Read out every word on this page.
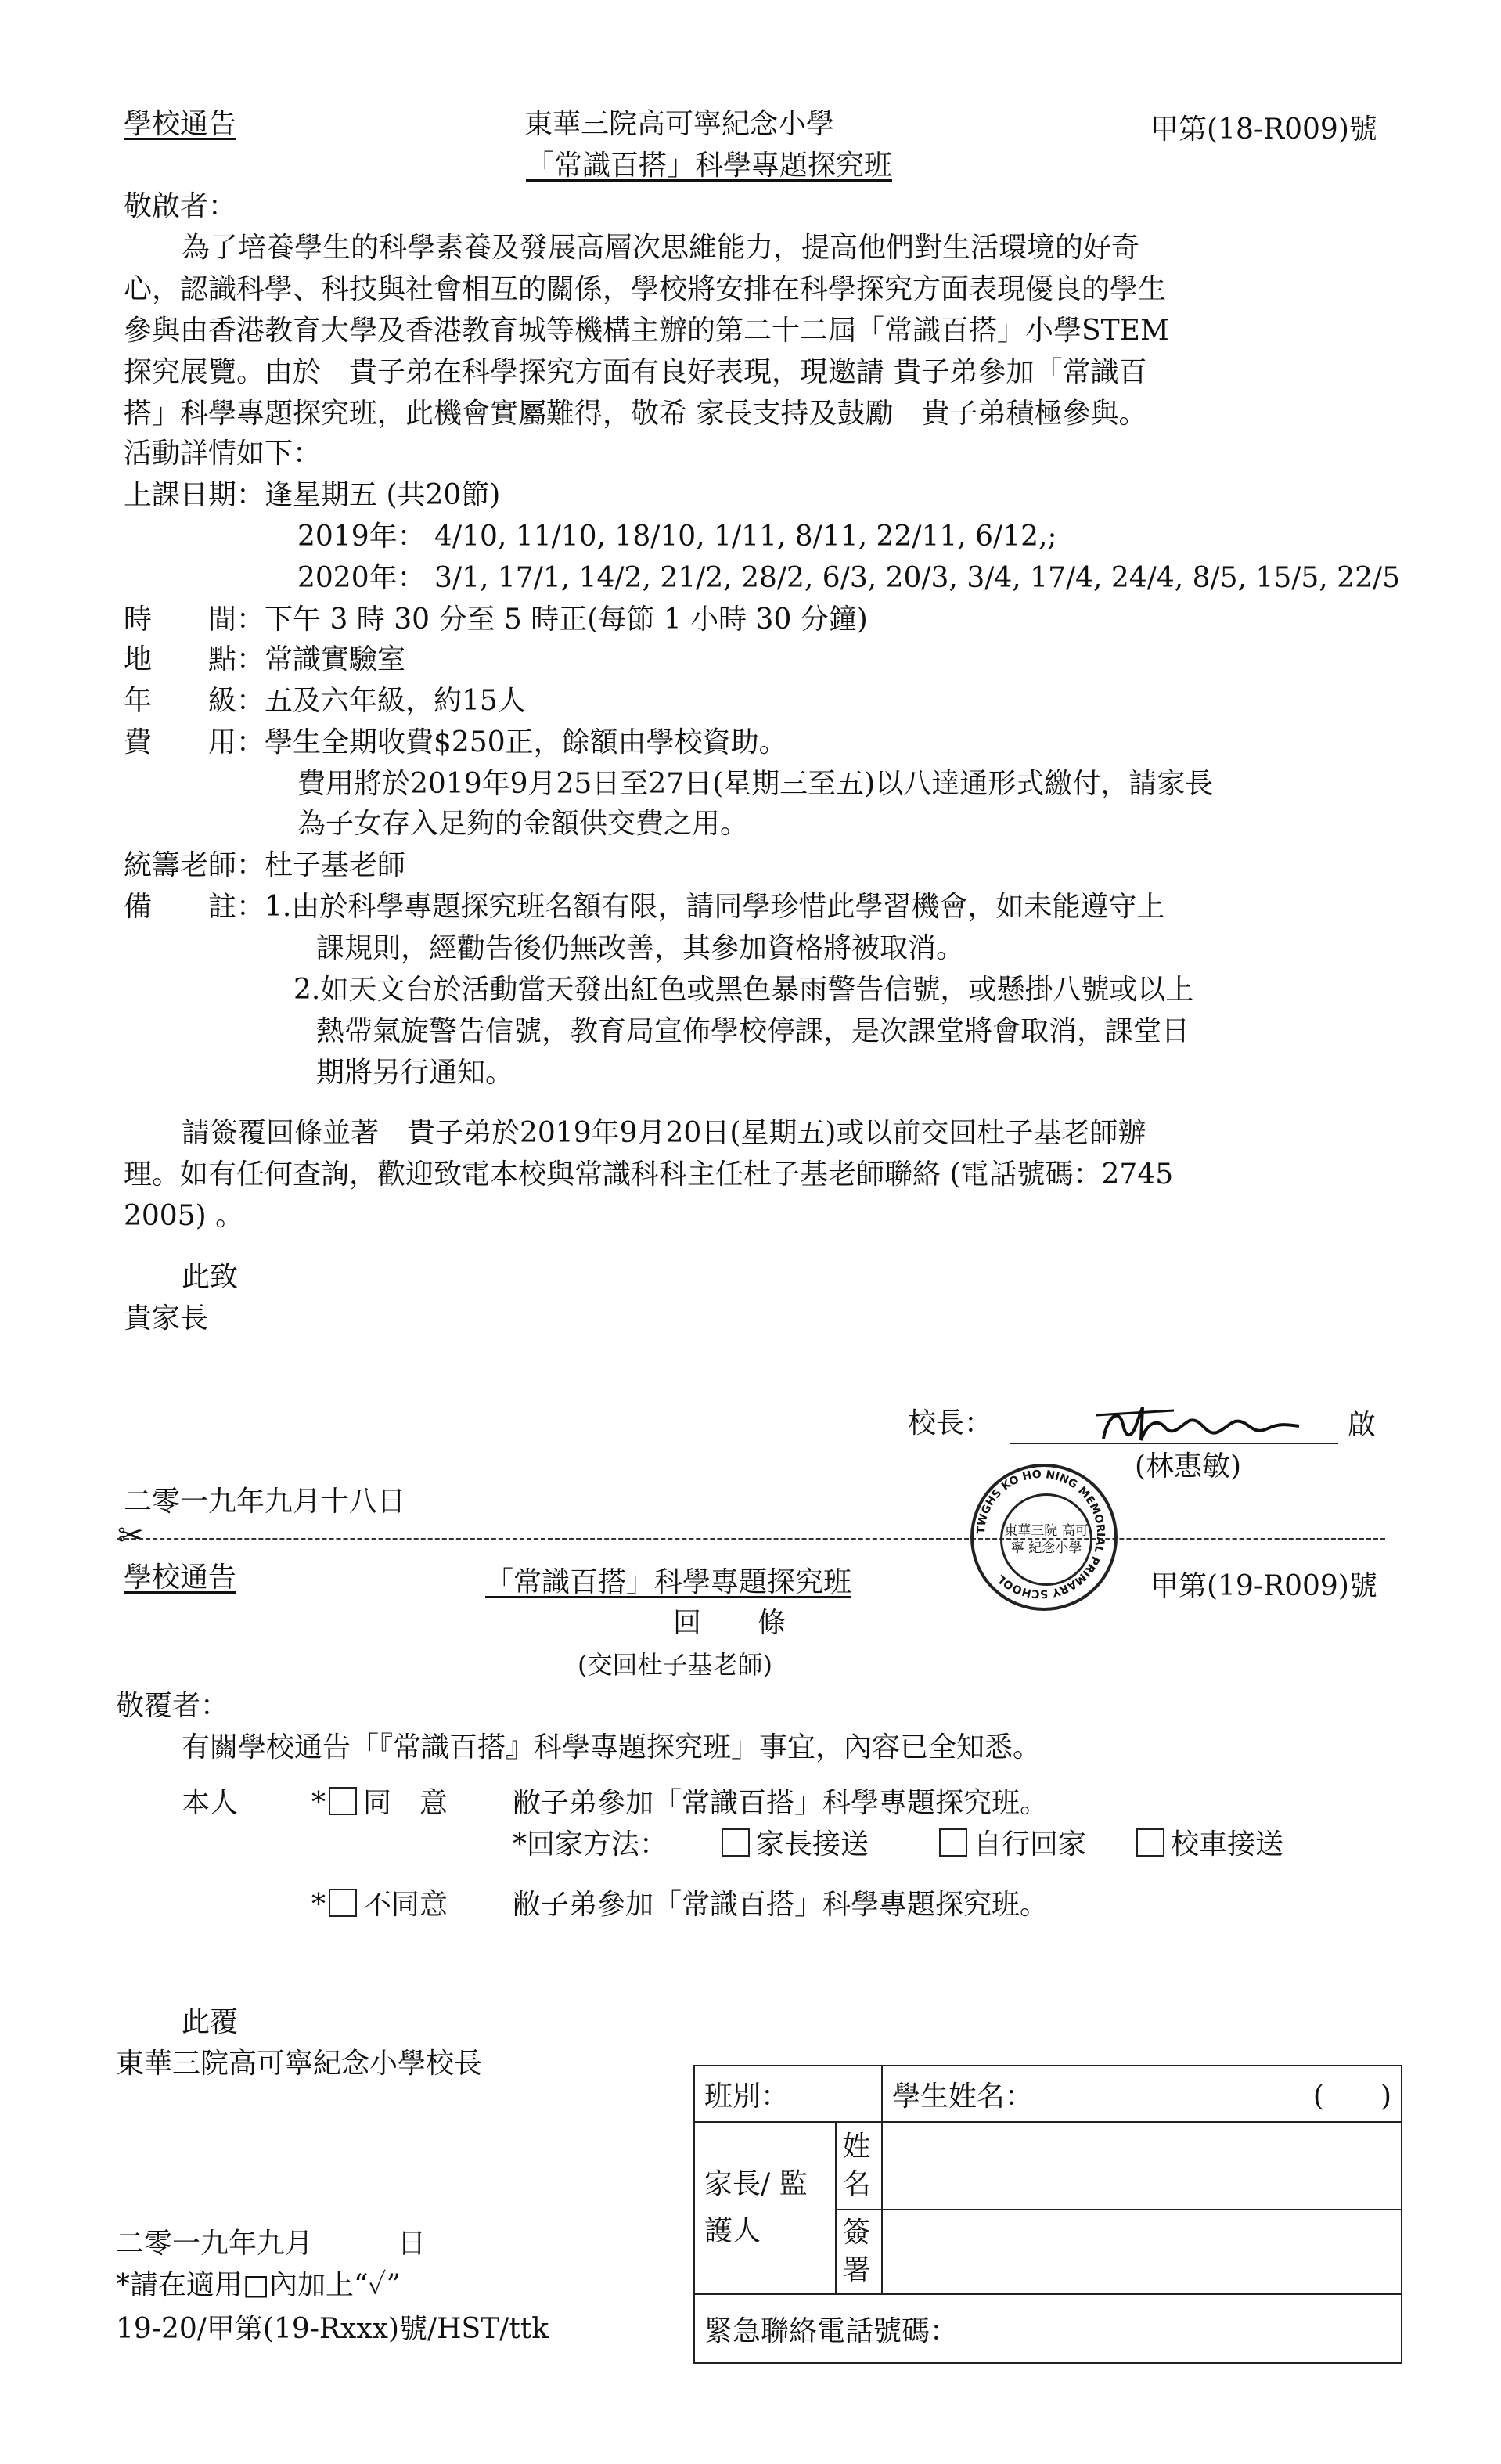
學校通告	東華三院高可寧紀念小學	甲第(18-R009)號
「常識百搭」科學專題探究班
敬啟者：
為了培養學生的科學素養及發展高層次思維能力，提高他們對生活環境的好奇
心，認識科學、科技與社會相互的關係，學校將安排在科學探究方面表現優良的學生
參與由香港教育大學及香港教育城等機構主辦的第二十二屆「常識百搭」小學STEM
探究展覽。由於　貴子弟在科學探究方面有良好表現，現邀請 貴子弟參加「常識百
搭」科學專題探究班，此機會實屬難得，敬希 家長支持及鼓勵　貴子弟積極參與。
活動詳情如下：
上課日期：逢星期五 (共20節)
2019年： 4/10, 11/10, 18/10, 1/11, 8/11, 22/11, 6/12,;
2020年： 3/1, 17/1, 14/2, 21/2, 28/2, 6/3, 20/3, 3/4, 17/4, 24/4, 8/5, 15/5, 22/5
時　　間：下午 3 時 30 分至 5 時正(每節 1 小時 30 分鐘)
地　　點：常識實驗室
年　　級：五及六年級，約15人
費　　用：學生全期收費$250正，餘額由學校資助。
費用將於2019年9月25日至27日(星期三至五)以八達通形式繳付，請家長
為子女存入足夠的金額供交費之用。
統籌老師：杜子基老師
備　　註：1.由於科學專題探究班名額有限，請同學珍惜此學習機會，如未能遵守上
課規則，經勸告後仍無改善，其參加資格將被取消。
2.如天文台於活動當天發出紅色或黑色暴雨警告信號，或懸掛八號或以上
熱帶氣旋警告信號，教育局宣佈學校停課，是次課堂將會取消，課堂日
期將另行通知。
請簽覆回條並著　貴子弟於2019年9月20日(星期五)或以前交回杜子基老師辦
理。如有任何查詢，歡迎致電本校與常識科科主任杜子基老師聯絡 (電話號碼：2745
2005) 。
此致
貴家長
校長：	啟
(林惠敏)
二零一九年九月十八日
✂	TWGHS KO HO NING MEMORIAL PRIMARY SCHOOL
東華三院 高可寧 紀念小學
學校通告	「常識百搭」科學專題探究班	甲第(19-R009)號
回　　條
(交回杜子基老師)
敬覆者：
有關學校通告「『常識百搭』科學專題探究班」事宜，內容已全知悉。
本人	* 同　意 敝子弟參加「常識百搭」科學專題探究班。
*回家方法：	家長接送	自行回家	校車接送
* 不同意 敝子弟參加「常識百搭」科學專題探究班。
此覆
東華三院高可寧紀念小學校長
二零一九年九月　　　日
*請在適用□內加上“✓”
19-20/甲第(19-Rxxx)號/HST/ttk
班別：		學生姓名： (　　)

家長/ 監護人	姓名	
	簽署	
緊急聯絡電話號碼：		
